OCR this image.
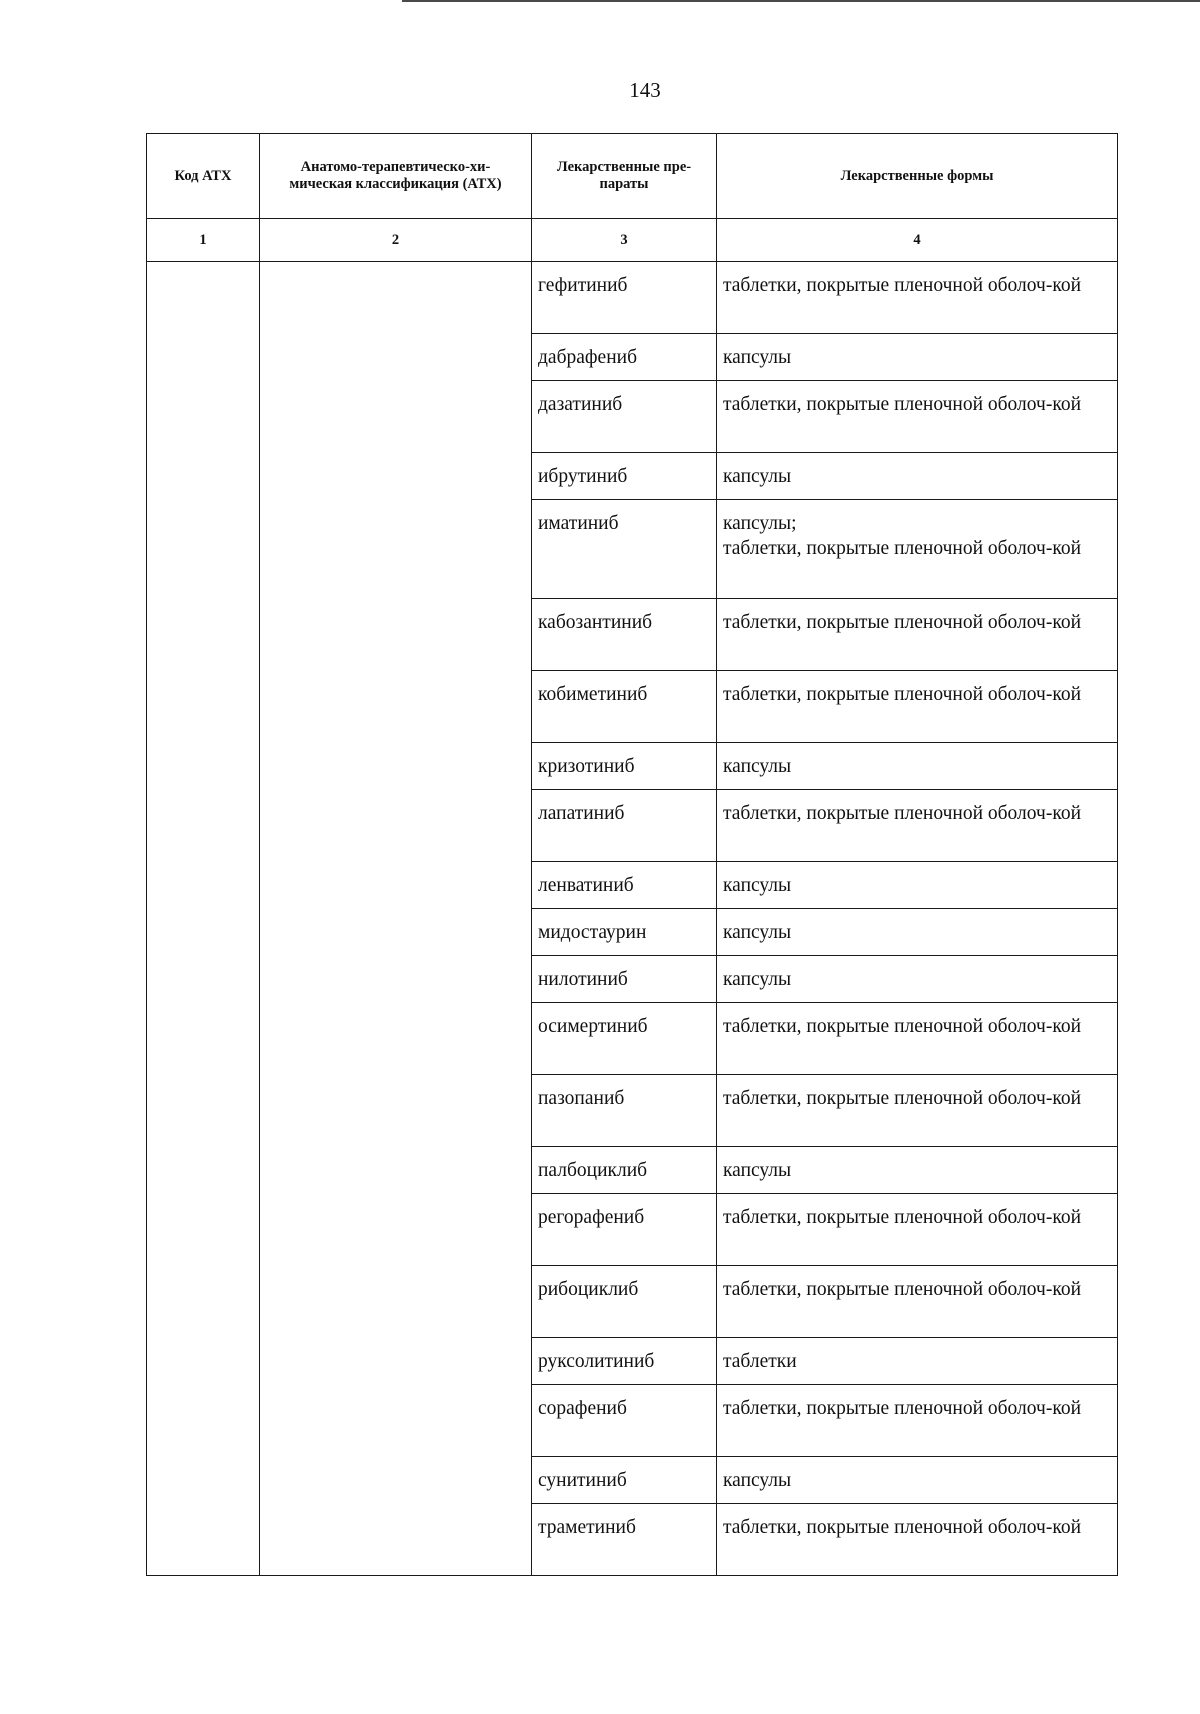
143
Код АТХ	Анатомо-терапевтическо-хи-мическая классификация (АТХ)	Лекарственные пре-параты	Лекарственные формы
1	2	3	4
		гефитиниб	таблетки, покрытые пленочной оболоч-кой

		дабрафениб	капсулы

		дазатиниб	таблетки, покрытые пленочной оболоч-кой

		ибрутиниб	капсулы

		иматиниб	капсулы;
таблетки, покрытые пленочной оболоч-кой

		кабозантиниб	таблетки, покрытые пленочной оболоч-кой

		кобиметиниб	таблетки, покрытые пленочной оболоч-кой

		кризотиниб	капсулы

		лапатиниб	таблетки, покрытые пленочной оболоч-кой

		ленватиниб	капсулы

		мидостаурин	капсулы

		нилотиниб	капсулы

		осимертиниб	таблетки, покрытые пленочной оболоч-кой

		пазопаниб	таблетки, покрытые пленочной оболоч-кой

		палбоциклиб	капсулы

		регорафениб	таблетки, покрытые пленочной оболоч-кой

		рибоциклиб	таблетки, покрытые пленочной оболоч-кой

		руксолитиниб	таблетки

		сорафениб	таблетки, покрытые пленочной оболоч-кой

		сунитиниб	капсулы

		траметиниб	таблетки, покрытые пленочной оболоч-кой
